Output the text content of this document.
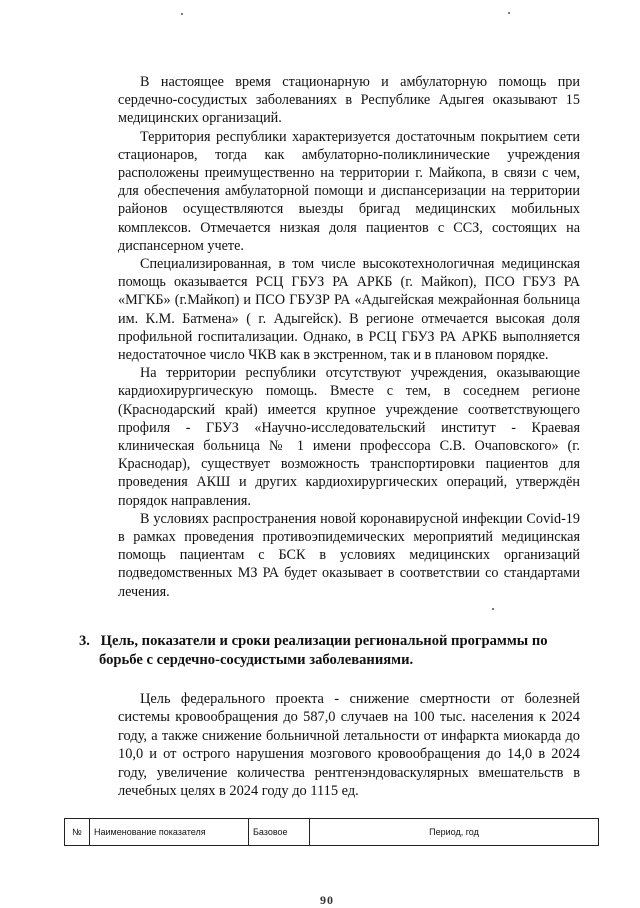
В настоящее время стационарную и амбулаторную помощь при сердечно-сосудистых заболеваниях в Республике Адыгея оказывают 15 медицинских организаций.

Территория республики характеризуется достаточным покрытием сети стационаров, тогда как амбулаторно-поликлинические учреждения расположены преимущественно на территории г. Майкопа, в связи с чем, для обеспечения амбулаторной помощи и диспансеризации на территории районов осуществляются выезды бригад медицинских мобильных комплексов. Отмечается низкая доля пациентов с ССЗ, состоящих на диспансерном учете.

Специализированная, в том числе высокотехнологичная медицинская помощь оказывается РСЦ ГБУЗ РА АРКБ (г. Майкоп), ПСО ГБУЗ РА «МГКБ» (г.Майкоп) и ПСО ГБУЗР РА «Адыгейская межрайонная больница им. К.М. Батмена» ( г. Адыгейск). В регионе отмечается высокая доля профильной госпитализации. Однако, в РСЦ ГБУЗ РА АРКБ выполняется недостаточное число ЧКВ как в экстренном, так и в плановом порядке.

На территории республики отсутствуют учреждения, оказывающие кардиохирургическую помощь. Вместе с тем, в соседнем регионе (Краснодарский край) имеется крупное учреждение соответствующего профиля - ГБУЗ «Научно-исследовательский институт - Краевая клиническая больница № 1 имени профессора С.В. Очаповского» (г. Краснодар), существует возможность транспортировки пациентов для проведения АКШ и других кардиохирургических операций, утверждён порядок направления.

В условиях распространения новой коронавирусной инфекции Covid-19 в рамках проведения противоэпидемических мероприятий медицинская помощь пациентам с БСК в условиях медицинских организаций подведомственных МЗ РА будет оказывает в соответствии со стандартами лечения.

3. Цель, показатели и сроки реализации региональной программы по
борьбе с сердечно-сосудистыми заболеваниями.

Цель федерального проекта - снижение смертности от болезней системы кровообращения до 587,0 случаев на 100 тыс. населения к 2024 году, а также снижение больничной летальности от инфаркта миокарда до 10,0 и от острого нарушения мозгового кровообращения до 14,0 в 2024 году, увеличение количества рентгенэндоваскулярных вмешательств в лечебных целях в 2024 году до 1115 ед.

№	Наименование показателя	Базовое	Период, год
90
